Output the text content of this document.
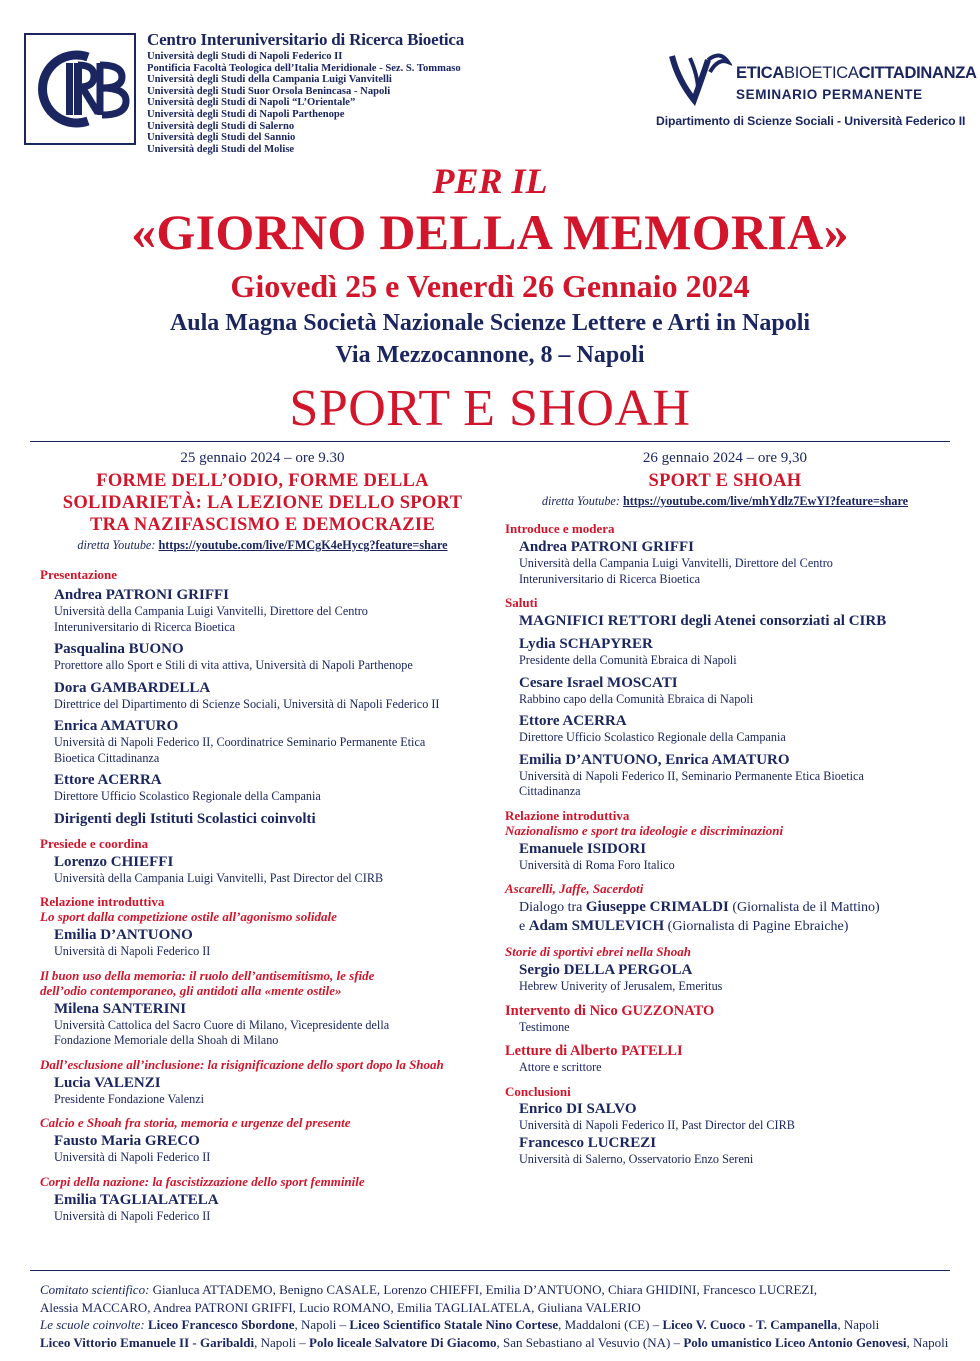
Centro Interuniversitario di Ricerca Bioetica
Università degli Studi di Napoli Federico II
Pontificia Facoltà Teologica dell’Italia Meridionale - Sez. S. Tommaso
Università degli Studi della Campania Luigi Vanvitelli
Università degli Studi Suor Orsola Benincasa - Napoli
Università degli Studi di Napoli “L’Orientale”
Università degli Studi di Napoli Parthenope
Università degli Studi di Salerno
Università degli Studi del Sannio
Università degli Studi del Molise
ETICABIOETICACITTADINANZA
SEMINARIO PERMANENTE
Dipartimento di Scienze Sociali - Università Federico II
PER IL
«GIORNO DELLA MEMORIA»
Giovedì 25 e Venerdì 26 Gennaio 2024
Aula Magna Società Nazionale Scienze Lettere e Arti in Napoli
Via Mezzocannone, 8 – Napoli
SPORT E SHOAH
25 gennaio 2024 – ore 9.30
FORME DELL’ODIO, FORME DELLA
SOLIDARIETÀ: LA LEZIONE DELLO SPORT
TRA NAZIFASCISMO E DEMOCRAZIE
diretta Youtube: https://youtube.com/live/FMCgK4eHycg?feature=share
Presentazione
Andrea PATRONI GRIFFI
Università della Campania Luigi Vanvitelli, Direttore del Centro
Interuniversitario di Ricerca Bioetica
Pasqualina BUONO
Prorettore allo Sport e Stili di vita attiva, Università di Napoli Parthenope
Dora GAMBARDELLA
Direttrice del Dipartimento di Scienze Sociali, Università di Napoli Federico II
Enrica AMATURO
Università di Napoli Federico II, Coordinatrice Seminario Permanente Etica
Bioetica Cittadinanza
Ettore ACERRA
Direttore Ufficio Scolastico Regionale della Campania
Dirigenti degli Istituti Scolastici coinvolti
Presiede e coordina
Lorenzo CHIEFFI
Università della Campania Luigi Vanvitelli, Past Director del CIRB
Relazione introduttiva
Lo sport dalla competizione ostile all’agonismo solidale
Emilia D’ANTUONO
Università di Napoli Federico II
Il buon uso della memoria: il ruolo dell’antisemitismo, le sfide
dell’odio contemporaneo, gli antidoti alla «mente ostile»
Milena SANTERINI
Università Cattolica del Sacro Cuore di Milano, Vicepresidente della
Fondazione Memoriale della Shoah di Milano
Dall’esclusione all’inclusione: la risignificazione dello sport dopo la Shoah
Lucia VALENZI
Presidente Fondazione Valenzi
Calcio e Shoah fra storia, memoria e urgenze del presente
Fausto Maria GRECO
Università di Napoli Federico II
Corpi della nazione: la fascistizzazione dello sport femminile
Emilia TAGLIALATELA
Università di Napoli Federico II
26 gennaio 2024 – ore 9,30
SPORT E SHOAH
diretta Youtube: https://youtube.com/live/mhYdlz7EwYI?feature=share
Introduce e modera
Andrea PATRONI GRIFFI
Università della Campania Luigi Vanvitelli, Direttore del Centro
Interuniversitario di Ricerca Bioetica
Saluti
MAGNIFICI RETTORI degli Atenei consorziati al CIRB
Lydia SCHAPYRER
Presidente della Comunità Ebraica di Napoli
Cesare Israel MOSCATI
Rabbino capo della Comunità Ebraica di Napoli
Ettore ACERRA
Direttore Ufficio Scolastico Regionale della Campania
Emilia D’ANTUONO, Enrica AMATURO
Università di Napoli Federico II, Seminario Permanente Etica Bioetica
Cittadinanza
Relazione introduttiva
Nazionalismo e sport tra ideologie e discriminazioni
Emanuele ISIDORI
Università di Roma Foro Italico
Ascarelli, Jaffe, Sacerdoti
Dialogo tra Giuseppe CRIMALDI (Giornalista de il Mattino)
e Adam SMULEVICH (Giornalista di Pagine Ebraiche)
Storie di sportivi ebrei nella Shoah
Sergio DELLA PERGOLA
Hebrew Univerity of Jerusalem, Emeritus
Intervento di Nico GUZZONATO
Testimone
Letture di Alberto PATELLI
Attore e scrittore
Conclusioni
Enrico DI SALVO
Università di Napoli Federico II, Past Director del CIRB
Francesco LUCREZI
Università di Salerno, Osservatorio Enzo Sereni

Comitato scientifico: Gianluca ATTADEMO, Benigno CASALE, Lorenzo CHIEFFI, Emilia D’ANTUONO, Chiara GHIDINI, Francesco LUCREZI,

Alessia MACCARO, Andrea PATRONI GRIFFI, Lucio ROMANO, Emilia TAGLIALATELA, Giuliana VALERIO

Le scuole coinvolte: Liceo Francesco Sbordone, Napoli – Liceo Scientifico Statale Nino Cortese, Maddaloni (CE) – Liceo V. Cuoco - T. Campanella, Napoli

Liceo Vittorio Emanuele II - Garibaldi, Napoli – Polo liceale Salvatore Di Giacomo, San Sebastiano al Vesuvio (NA) – Polo umanistico Liceo Antonio Genovesi, Napoli
